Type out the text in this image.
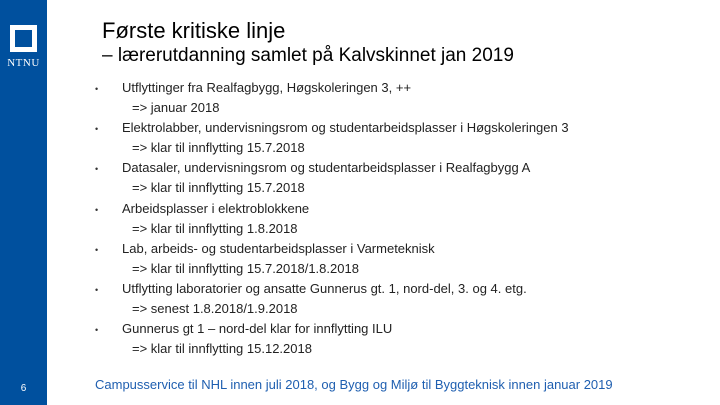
NTNU
6
Første kritiske linje
– lærerutdanning samlet på Kalvskinnet jan 2019
• Utflyttinger fra Realfagbygg, Høgskoleringen 3, ++
=> januar 2018
• Elektrolabber, undervisningsrom og studentarbeidsplasser i Høgskoleringen 3
=> klar til innflytting 15.7.2018
• Datasaler, undervisningsrom og studentarbeidsplasser i Realfagbygg A
=> klar til innflytting 15.7.2018
• Arbeidsplasser i elektroblokkene
=> klar til innflytting 1.8.2018
• Lab, arbeids- og studentarbeidsplasser i Varmeteknisk
=> klar til innflytting 15.7.2018/1.8.2018
• Utflytting laboratorier og ansatte Gunnerus gt. 1, nord-del, 3. og 4. etg.
=> senest 1.8.2018/1.9.2018
• Gunnerus gt 1 – nord-del klar for innflytting ILU
=> klar til innflytting 15.12.2018
Campusservice til NHL innen juli 2018, og Bygg og Miljø til Byggteknisk innen januar 2019
